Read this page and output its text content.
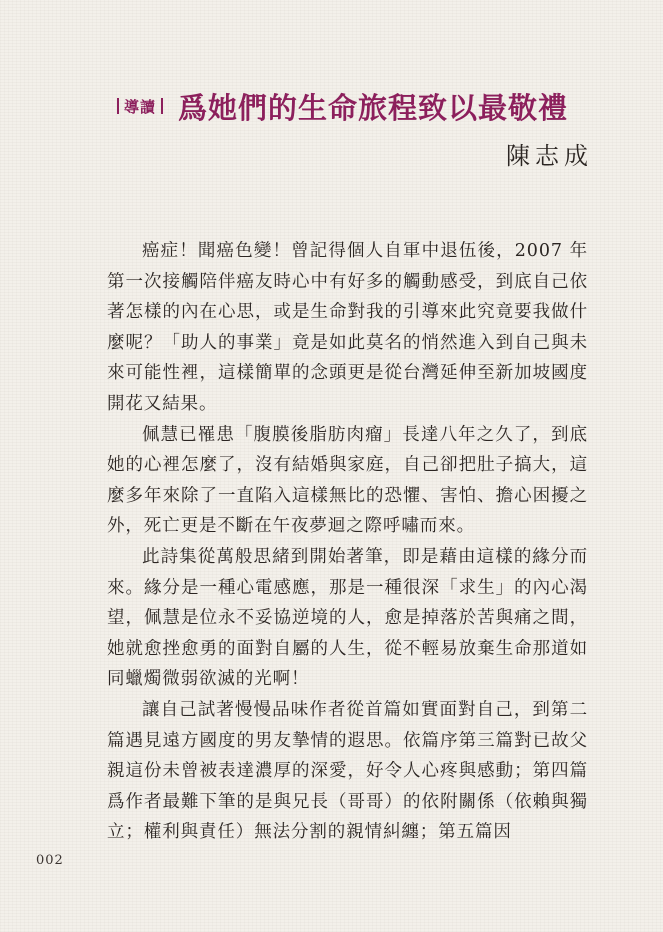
導讀 爲她們的生命旅程致以最敬禮
陳志成

癌症！聞癌色變！曾記得個人自軍中退伍後，2007 年第一次接觸陪伴癌友時心中有好多的觸動感受，到底自己依著怎樣的內在心思，或是生命對我的引導來此究竟要我做什麼呢？「助人的事業」竟是如此莫名的悄然進入到自己與未來可能性裡，這樣簡單的念頭更是從台灣延伸至新加坡國度開花又結果。

佩慧已罹患「腹膜後脂肪肉瘤」長達八年之久了，到底她的心裡怎麼了，沒有結婚與家庭，自己卻把肚子搞大，這麼多年來除了一直陷入這樣無比的恐懼、害怕、擔心困擾之外，死亡更是不斷在午夜夢迴之際呼嘯而來。

此詩集從萬般思緒到開始著筆，即是藉由這樣的緣分而來。緣分是一種心電感應，那是一種很深「求生」的內心渴望，佩慧是位永不妥協逆境的人，愈是掉落於苦與痛之間，她就愈挫愈勇的面對自屬的人生，從不輕易放棄生命那道如同蠟燭微弱欲滅的光啊！

讓自己試著慢慢品味作者從首篇如實面對自己，到第二篇遇見遠方國度的男友摯情的遐思。依篇序第三篇對已故父親這份未曾被表達濃厚的深愛，好令人心疼與感動；第四篇爲作者最難下筆的是與兄長（哥哥）的依附關係（依賴與獨立；權利與責任）無法分割的親情糾纏；第五篇因

002
